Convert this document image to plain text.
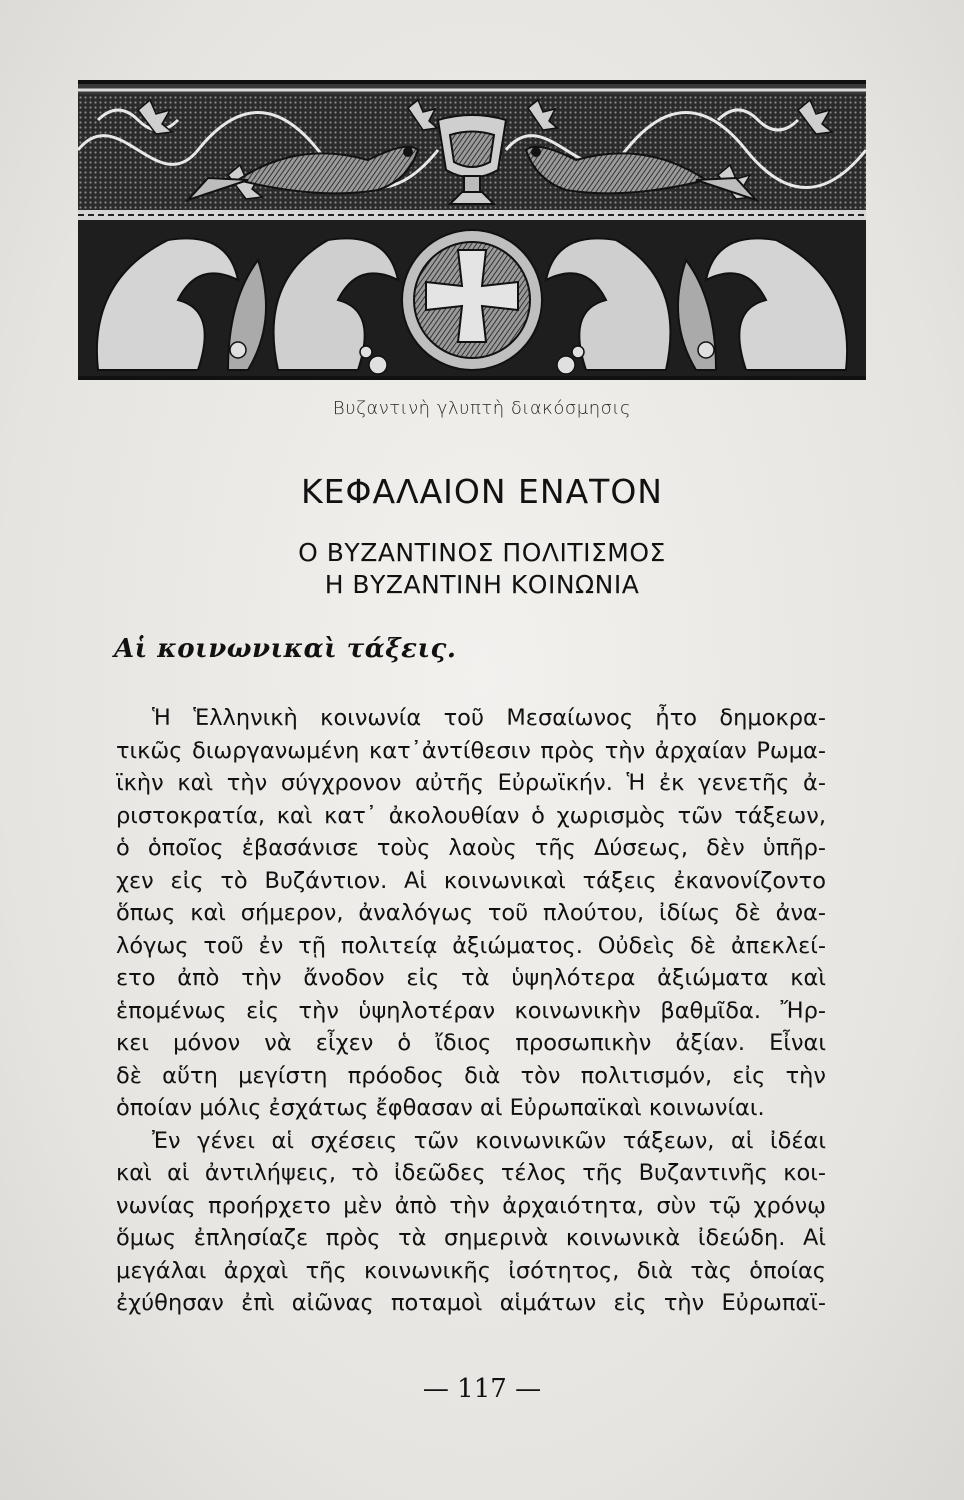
Βυζαντινὴ γλυπτὴ διακόσμησις
ΚΕΦΑΛΑΙΟΝ ΕΝΑΤΟΝ
Ο ΒΥΖΑΝΤΙΝΟΣ ΠΟΛΙΤΙΣΜΟΣ
Η ΒΥΖΑΝΤΙΝΗ ΚΟΙΝΩΝΙΑ
Αἱ κοινωνικαὶ τάξεις.
Ἡ Ἑλληνικὴ κοινωνία τοῦ Μεσαίωνος ἦτο δημοκρα-
τικῶς διωργανωμένη κατ᾽ἀντίθεσιν πρὸς τὴν ἀρχαίαν Ρωμα-
ϊκὴν καὶ τὴν σύγχρονον αὐτῆς Εὐρωϊκήν. Ἡ ἐκ γενετῆς ἀ-
ριστοκρατία, καὶ κατ᾽ ἀκολουθίαν ὁ χωρισμὸς τῶν τάξεων,
ὁ ὁποῖος ἐβασάνισε τοὺς λαοὺς τῆς Δύσεως, δὲν ὑπῆρ-
χεν εἰς τὸ Βυζάντιον. Αἱ κοινωνικαὶ τάξεις ἐκανονίζοντο
ὅπως καὶ σήμερον, ἀναλόγως τοῦ πλούτου, ἰδίως δὲ ἀνα-
λόγως τοῦ ἐν τῇ πολιτείᾳ ἀξιώματος. Οὐδεὶς δὲ ἀπεκλεί-
ετο ἀπὸ τὴν ἄνοδον εἰς τὰ ὑψηλότερα ἀξιώματα καὶ
ἑπομένως εἰς τὴν ὑψηλοτέραν κοινωνικὴν βαθμῖδα. Ἤρ-
κει μόνον νὰ εἶχεν ὁ ἴδιος προσωπικὴν ἀξίαν. Εἶναι
δὲ αὕτη μεγίστη πρόοδος διὰ τὸν πολιτισμόν, εἰς τὴν
ὁποίαν μόλις ἐσχάτως ἔφθασαν αἱ Εὐρωπαϊκαὶ κοινωνίαι.
Ἐν γένει αἱ σχέσεις τῶν κοινωνικῶν τάξεων, αἱ ἰδέαι
καὶ αἱ ἀντιλήψεις, τὸ ἰδεῶδες τέλος τῆς Βυζαντινῆς κοι-
νωνίας προήρχετο μὲν ἀπὸ τὴν ἀρχαιότητα, σὺν τῷ χρόνῳ
ὅμως ἐπλησίαζε πρὸς τὰ σημερινὰ κοινωνικὰ ἰδεώδη. Αἱ
μεγάλαι ἀρχαὶ τῆς κοινωνικῆς ἰσότητος, διὰ τὰς ὁποίας
ἐχύθησαν ἐπὶ αἰῶνας ποταμοὶ αἱμάτων εἰς τὴν Εὐρωπαϊ-
— 117 —
